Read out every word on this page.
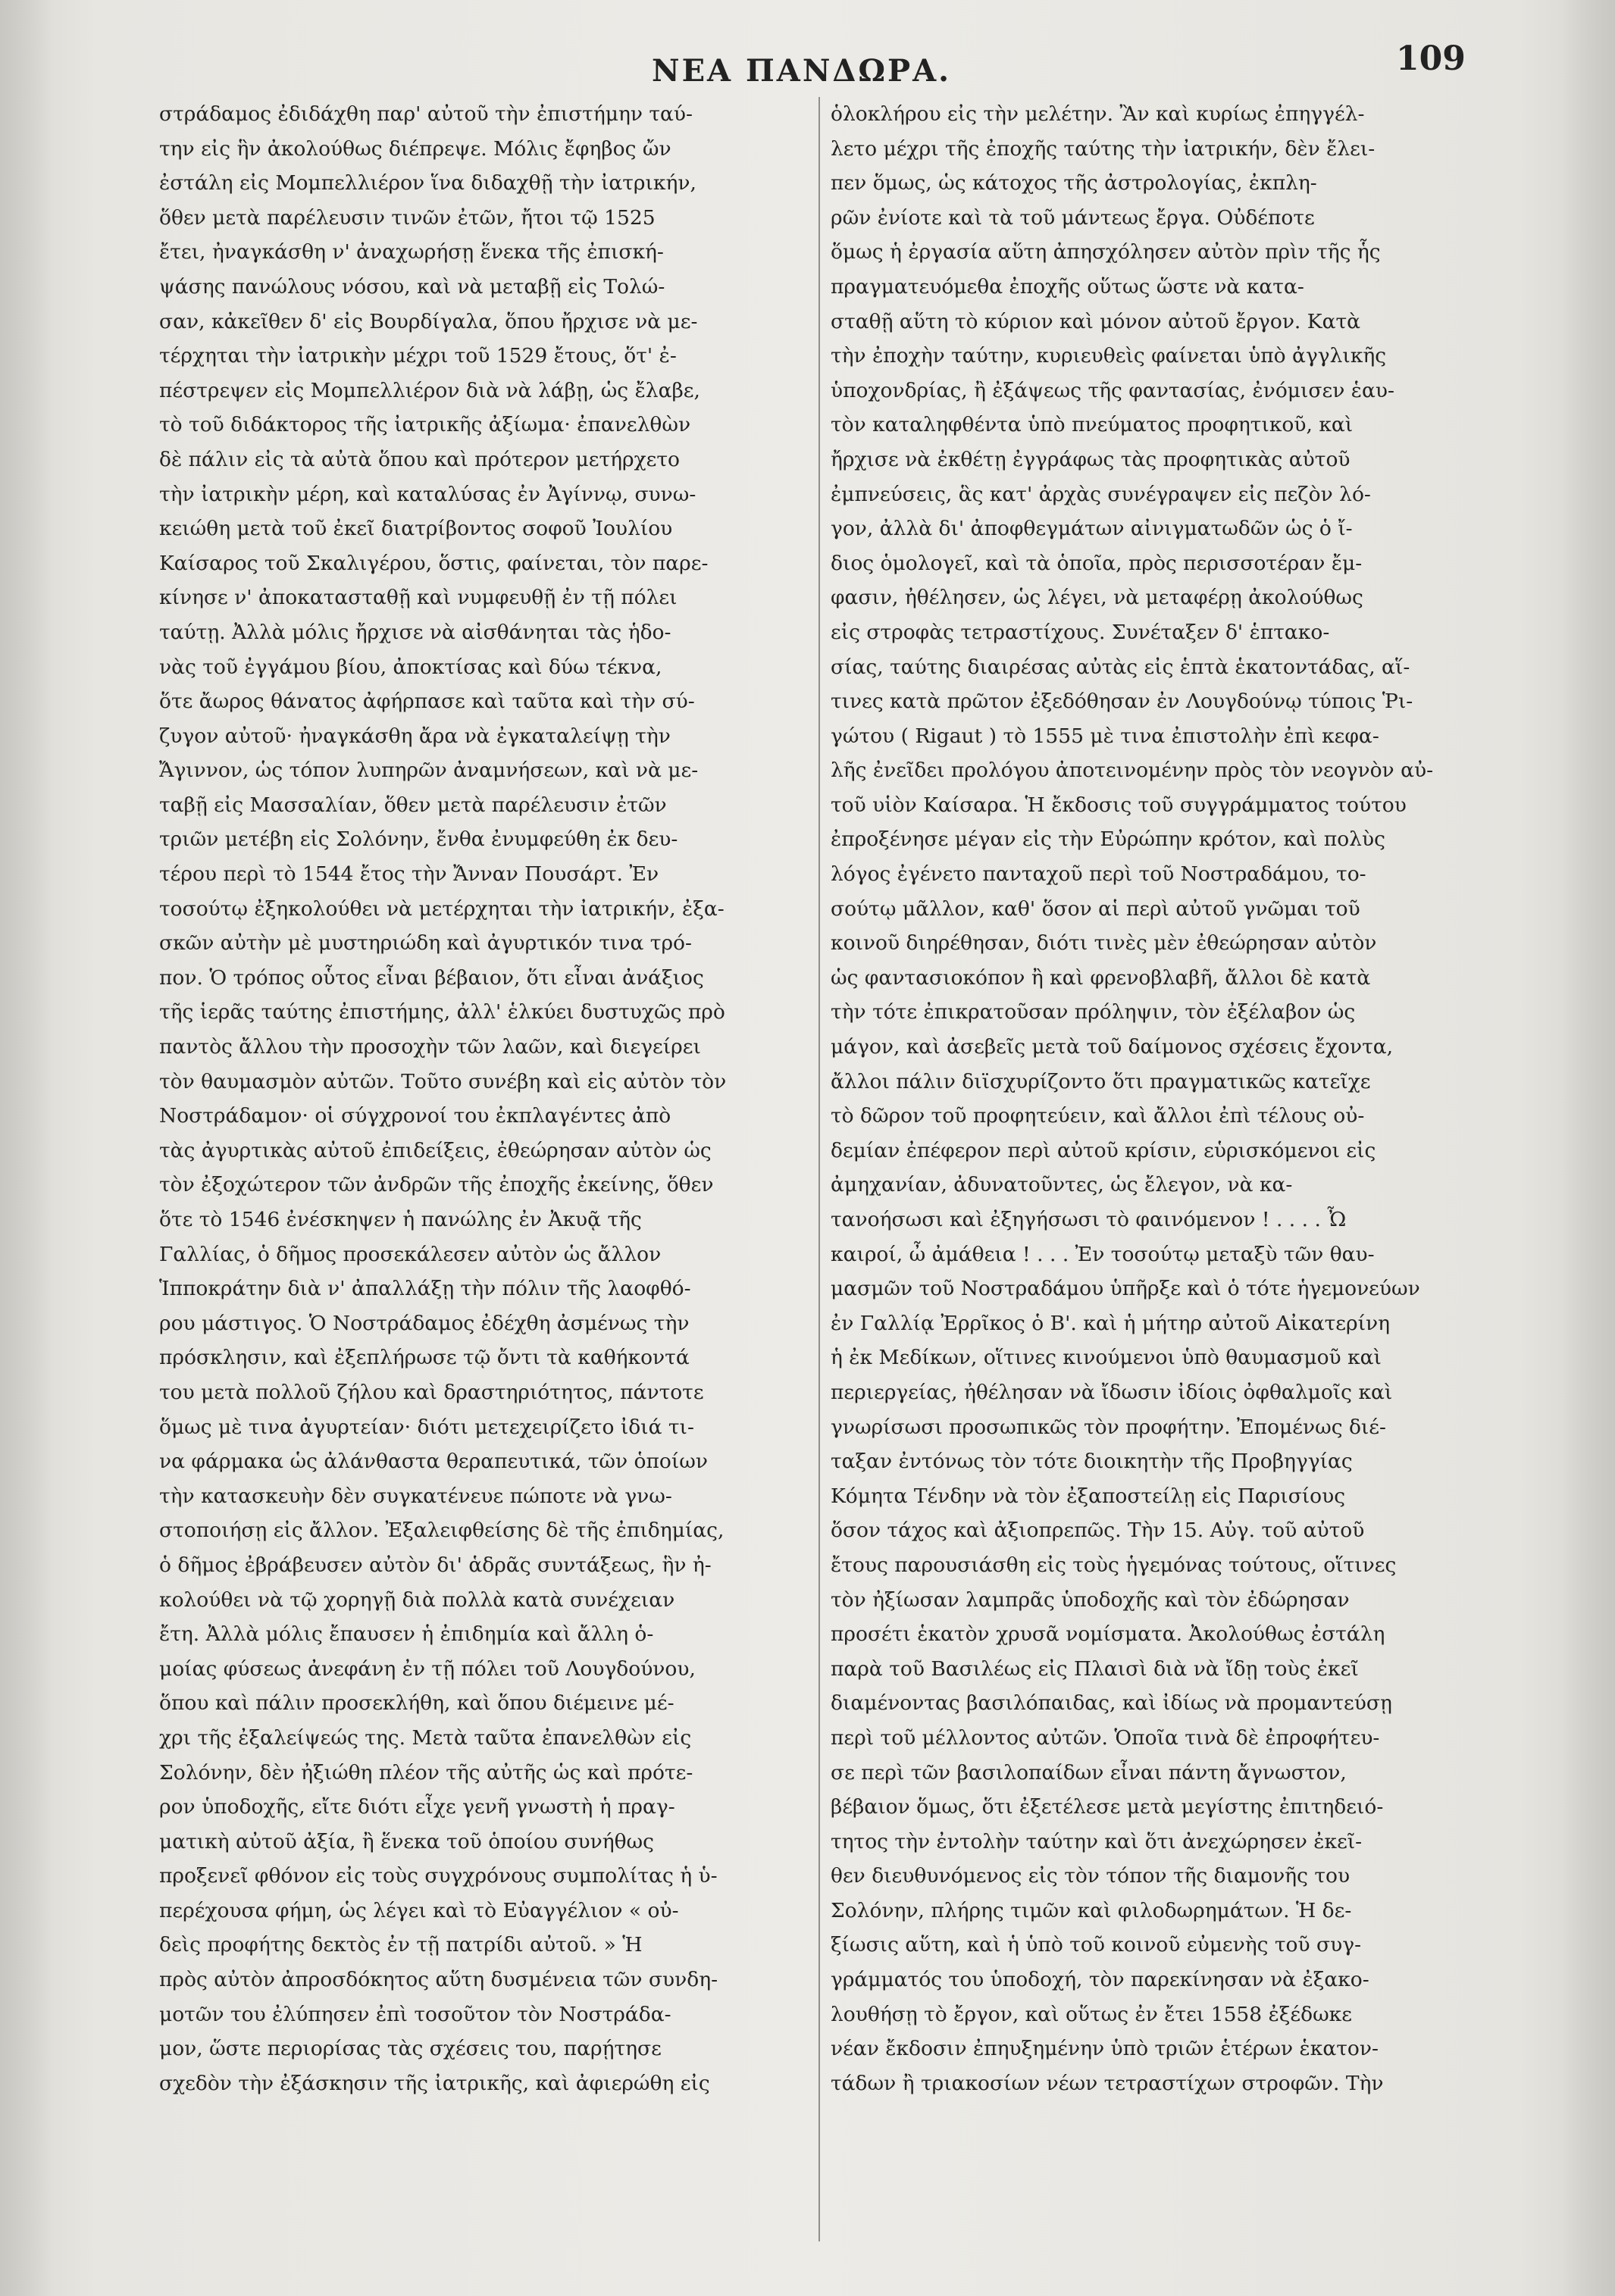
ΝΕΑ ΠΑΝΔΩΡΑ.	109
στράδαμος ἐδιδάχθη παρ' αὐτοῦ τὴν ἐπιστήμην ταύ-
την εἰς ἣν ἀκολούθως διέπρεψε. Μόλις ἔφηβος ὤν
ἐστάλη εἰς Μομπελλιέρον ἵνα διδαχθῇ τὴν ἰατρικήν,
ὅθεν μετὰ παρέλευσιν τινῶν ἐτῶν, ἤτοι τῷ 1525
ἔτει, ἠναγκάσθη ν' ἀναχωρήσῃ ἕνεκα τῆς ἐπισκή-
ψάσης πανώλους νόσου, καὶ νὰ μεταβῇ εἰς Τολώ-
σαν, κἀκεῖθεν δ' εἰς Βουρδίγαλα, ὅπου ἤρχισε νὰ με-
τέρχηται τὴν ἰατρικὴν μέχρι τοῦ 1529 ἔτους, ὅτ' ἐ-
πέστρεψεν εἰς Μομπελλιέρον διὰ νὰ λάβῃ, ὡς ἔλαβε,
τὸ τοῦ διδάκτορος τῆς ἰατρικῆς ἀξίωμα· ἐπανελθὼν
δὲ πάλιν εἰς τὰ αὐτὰ ὅπου καὶ πρότερον μετήρχετο
τὴν ἰατρικὴν μέρη, καὶ καταλύσας ἐν Ἀγίννῳ, συνω-
κειώθη μετὰ τοῦ ἐκεῖ διατρίβοντος σοφοῦ Ἰουλίου
Καίσαρος τοῦ Σκαλιγέρου, ὅστις, φαίνεται, τὸν παρε-
κίνησε ν' ἀποκατασταθῇ καὶ νυμφευθῇ ἐν τῇ πόλει
ταύτῃ. Ἀλλὰ μόλις ἤρχισε νὰ αἰσθάνηται τὰς ἡδο-
νὰς τοῦ ἐγγάμου βίου, ἀποκτίσας καὶ δύω τέκνα,
ὅτε ἄωρος θάνατος ἀφήρπασε καὶ ταῦτα καὶ τὴν σύ-
ζυγον αὐτοῦ· ἠναγκάσθη ἄρα νὰ ἐγκαταλείψῃ τὴν
Ἄγιννον, ὡς τόπον λυπηρῶν ἀναμνήσεων, καὶ νὰ με-
ταβῇ εἰς Μασσαλίαν, ὅθεν μετὰ παρέλευσιν ἐτῶν
τριῶν μετέβη εἰς Σολόνην, ἔνθα ἐνυμφεύθη ἐκ δευ-
τέρου περὶ τὸ 1544 ἔτος τὴν Ἄνναν Πουσάρτ. Ἐν
τοσούτῳ ἐξηκολούθει νὰ μετέρχηται τὴν ἰατρικήν, ἐξα-
σκῶν αὐτὴν μὲ μυστηριώδη καὶ ἀγυρτικόν τινα τρό-
πον. Ὁ τρόπος οὗτος εἶναι βέβαιον, ὅτι εἶναι ἀνάξιος
τῆς ἱερᾶς ταύτης ἐπιστήμης, ἀλλ' ἑλκύει δυστυχῶς πρὸ
παντὸς ἄλλου τὴν προσοχὴν τῶν λαῶν, καὶ διεγείρει
τὸν θαυμασμὸν αὐτῶν. Τοῦτο συνέβη καὶ εἰς αὐτὸν τὸν
Νοστράδαμον· οἱ σύγχρονοί του ἐκπλαγέντες ἀπὸ
τὰς ἀγυρτικὰς αὐτοῦ ἐπιδείξεις, ἐθεώρησαν αὐτὸν ὡς
τὸν ἐξοχώτερον τῶν ἀνδρῶν τῆς ἐποχῆς ἐκείνης, ὅθεν
ὅτε τὸ 1546 ἐνέσκηψεν ἡ πανώλης ἐν Ἀκυᾷ τῆς
Γαλλίας, ὁ δῆμος προσεκάλεσεν αὐτὸν ὡς ἄλλον
Ἱπποκράτην διὰ ν' ἀπαλλάξῃ τὴν πόλιν τῆς λαοφθό-
ρου μάστιγος. Ὁ Νοστράδαμος ἐδέχθη ἀσμένως τὴν
πρόσκλησιν, καὶ ἐξεπλήρωσε τῷ ὄντι τὰ καθήκοντά
του μετὰ πολλοῦ ζήλου καὶ δραστηριότητος, πάντοτε
ὅμως μὲ τινα ἀγυρτείαν· διότι μετεχειρίζετο ἰδιά τι-
να φάρμακα ὡς ἀλάνθαστα θεραπευτικά, τῶν ὁποίων
τὴν κατασκευὴν δὲν συγκατένευε πώποτε νὰ γνω-
στοποιήσῃ εἰς ἄλλον. Ἐξαλειφθείσης δὲ τῆς ἐπιδημίας,
ὁ δῆμος ἐβράβευσεν αὐτὸν δι' ἁδρᾶς συντάξεως, ἣν ἠ-
κολούθει νὰ τῷ χορηγῇ διὰ πολλὰ κατὰ συνέχειαν
ἔτη. Ἀλλὰ μόλις ἔπαυσεν ἡ ἐπιδημία καὶ ἄλλη ὁ-
μοίας φύσεως ἀνεφάνη ἐν τῇ πόλει τοῦ Λουγδούνου,
ὅπου καὶ πάλιν προσεκλήθη, καὶ ὅπου διέμεινε μέ-
χρι τῆς ἐξαλείψεώς της. Μετὰ ταῦτα ἐπανελθὼν εἰς
Σολόνην, δὲν ἠξιώθη πλέον τῆς αὐτῆς ὡς καὶ πρότε-
ρον ὑποδοχῆς, εἴτε διότι εἶχε γενῆ γνωστὴ ἡ πραγ-
ματικὴ αὐτοῦ ἀξία, ἢ ἕνεκα τοῦ ὁποίου συνήθως
προξενεῖ φθόνον εἰς τοὺς συγχρόνους συμπολίτας ἡ ὑ-
περέχουσα φήμη, ὡς λέγει καὶ τὸ Εὐαγγέλιον « οὐ-
δεὶς προφήτης δεκτὸς ἐν τῇ πατρίδι αὐτοῦ. » Ἡ
πρὸς αὐτὸν ἀπροσδόκητος αὕτη δυσμένεια τῶν συνδη-
μοτῶν του ἐλύπησεν ἐπὶ τοσοῦτον τὸν Νοστράδα-
μον, ὥστε περιορίσας τὰς σχέσεις του, παρῄτησε
σχεδὸν τὴν ἐξάσκησιν τῆς ἰατρικῆς, καὶ ἀφιερώθη εἰς
ὁλοκλήρου εἰς τὴν μελέτην. Ἂν καὶ κυρίως ἐπηγγέλ-
λετο μέχρι τῆς ἐποχῆς ταύτης τὴν ἰατρικήν, δὲν ἔλει-
πεν ὅμως, ὡς κάτοχος τῆς ἀστρολογίας, ἐκπλη-
ρῶν ἐνίοτε καὶ τὰ τοῦ μάντεως ἔργα. Οὐδέποτε
ὅμως ἡ ἐργασία αὕτη ἀπησχόλησεν αὐτὸν πρὶν τῆς ἧς
πραγματευόμεθα ἐποχῆς οὕτως ὥστε νὰ κατα-
σταθῇ αὕτη τὸ κύριον καὶ μόνον αὐτοῦ ἔργον. Κατὰ
τὴν ἐποχὴν ταύτην, κυριευθεὶς φαίνεται ὑπὸ ἀγγλικῆς
ὑποχονδρίας, ἢ ἐξάψεως τῆς φαντασίας, ἐνόμισεν ἑαυ-
τὸν καταληφθέντα ὑπὸ πνεύματος προφητικοῦ, καὶ
ἤρχισε νὰ ἐκθέτῃ ἐγγράφως τὰς προφητικὰς αὐτοῦ
ἐμπνεύσεις, ἃς κατ' ἀρχὰς συνέγραψεν εἰς πεζὸν λό-
γον, ἀλλὰ δι' ἀποφθεγμάτων αἰνιγματωδῶν ὡς ὁ ἴ-
διος ὁμολογεῖ, καὶ τὰ ὁποῖα, πρὸς περισσοτέραν ἔμ-
φασιν, ἠθέλησεν, ὡς λέγει, νὰ μεταφέρῃ ἀκολούθως
εἰς στροφὰς τετραστίχους. Συνέταξεν δ' ἑπτακο-
σίας, ταύτης διαιρέσας αὐτὰς εἰς ἑπτὰ ἑκατοντάδας, αἵ-
τινες κατὰ πρῶτον ἐξεδόθησαν ἐν Λουγδούνῳ τύποις Ῥι-
γώτου ( Rigaut ) τὸ 1555 μὲ τινα ἐπιστολὴν ἐπὶ κεφα-
λῆς ἐνεῖδει προλόγου ἀποτεινομένην πρὸς τὸν νεογνὸν αὐ-
τοῦ υἱὸν Καίσαρα. Ἡ ἔκδοσις τοῦ συγγράμματος τούτου
ἐπροξένησε μέγαν εἰς τὴν Εὐρώπην κρότον, καὶ πολὺς
λόγος ἐγένετο πανταχοῦ περὶ τοῦ Νοστραδάμου, το-
σούτῳ μᾶλλον, καθ' ὅσον αἱ περὶ αὐτοῦ γνῶμαι τοῦ
κοινοῦ διηρέθησαν, διότι τινὲς μὲν ἐθεώρησαν αὐτὸν
ὡς φαντασιοκόπον ἢ καὶ φρενοβλαβῆ, ἄλλοι δὲ κατὰ
τὴν τότε ἐπικρατοῦσαν πρόληψιν, τὸν ἐξέλαβον ὡς
μάγον, καὶ ἀσεβεῖς μετὰ τοῦ δαίμονος σχέσεις ἔχοντα,
ἄλλοι πάλιν διϊσχυρίζοντο ὅτι πραγματικῶς κατεῖχε
τὸ δῶρον τοῦ προφητεύειν, καὶ ἄλλοι ἐπὶ τέλους οὐ-
δεμίαν ἐπέφερον περὶ αὐτοῦ κρίσιν, εὑρισκόμενοι εἰς
ἀμηχανίαν, ἀδυνατοῦντες, ὡς ἔλεγον, νὰ κα-
τανοήσωσι καὶ ἐξηγήσωσι τὸ φαινόμενον ! . . . . Ὦ
καιροί, ὦ ἀμάθεια ! . . . Ἐν τοσούτῳ μεταξὺ τῶν θαυ-
μασμῶν τοῦ Νοστραδάμου ὑπῆρξε καὶ ὁ τότε ἡγεμονεύων
ἐν Γαλλίᾳ Ἐρρῖκος ὁ Β'. καὶ ἡ μήτηρ αὐτοῦ Αἰκατερίνη
ἡ ἐκ Μεδίκων, οἵτινες κινούμενοι ὑπὸ θαυμασμοῦ καὶ
περιεργείας, ἠθέλησαν νὰ ἴδωσιν ἰδίοις ὀφθαλμοῖς καὶ
γνωρίσωσι προσωπικῶς τὸν προφήτην. Ἐπομένως διέ-
ταξαν ἐντόνως τὸν τότε διοικητὴν τῆς Προβηγγίας
Κόμητα Τένδην νὰ τὸν ἐξαποστείλῃ εἰς Παρισίους
ὅσον τάχος καὶ ἀξιοπρεπῶς. Τὴν 15. Αὐγ. τοῦ αὐτοῦ
ἔτους παρουσιάσθη εἰς τοὺς ἡγεμόνας τούτους, οἵτινες
τὸν ἠξίωσαν λαμπρᾶς ὑποδοχῆς καὶ τὸν ἐδώρησαν
προσέτι ἑκατὸν χρυσᾶ νομίσματα. Ἀκολούθως ἐστάλη
παρὰ τοῦ Βασιλέως εἰς Πλαισὶ διὰ νὰ ἴδῃ τοὺς ἐκεῖ
διαμένοντας βασιλόπαιδας, καὶ ἰδίως νὰ προμαντεύσῃ
περὶ τοῦ μέλλοντος αὐτῶν. Ὁποῖα τινὰ δὲ ἐπροφήτευ-
σε περὶ τῶν βασιλοπαίδων εἶναι πάντη ἄγνωστον,
βέβαιον ὅμως, ὅτι ἐξετέλεσε μετὰ μεγίστης ἐπιτηδειό-
τητος τὴν ἐντολὴν ταύτην καὶ ὅτι ἀνεχώρησεν ἐκεῖ-
θεν διευθυνόμενος εἰς τὸν τόπον τῆς διαμονῆς του
Σολόνην, πλήρης τιμῶν καὶ φιλοδωρημάτων. Ἡ δε-
ξίωσις αὕτη, καὶ ἡ ὑπὸ τοῦ κοινοῦ εὐμενὴς τοῦ συγ-
γράμματός του ὑποδοχή, τὸν παρεκίνησαν νὰ ἐξακο-
λουθήσῃ τὸ ἔργον, καὶ οὕτως ἐν ἔτει 1558 ἐξέδωκε
νέαν ἔκδοσιν ἐπηυξημένην ὑπὸ τριῶν ἑτέρων ἑκατον-
τάδων ἢ τριακοσίων νέων τετραστίχων στροφῶν. Τὴν
